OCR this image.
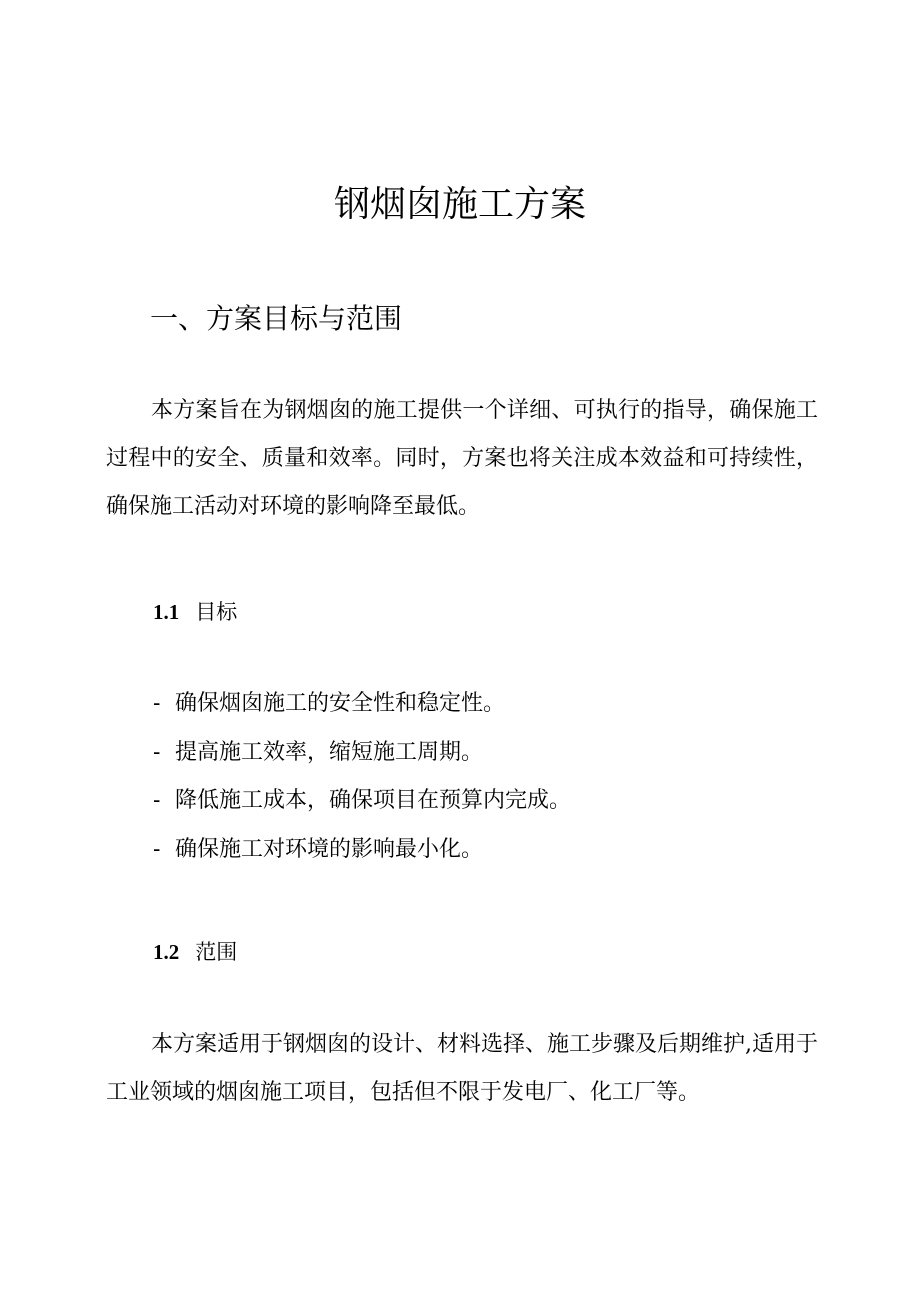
钢烟囱施工方案
一、方案目标与范围

本方案旨在为钢烟囱的施工提供一个详细、可执行的指导，确保施工过程中的安全、质量和效率。同时，方案也将关注成本效益和可持续性，确保施工活动对环境的影响降至最低。

1.1 目标
- 确保烟囱施工的安全性和稳定性。
- 提高施工效率，缩短施工周期。
- 降低施工成本，确保项目在预算内完成。
- 确保施工对环境的影响最小化。
1.2 范围

本方案适用于钢烟囱的设计、材料选择、施工步骤及后期维护,适用于工业领域的烟囱施工项目，包括但不限于发电厂、化工厂等。
